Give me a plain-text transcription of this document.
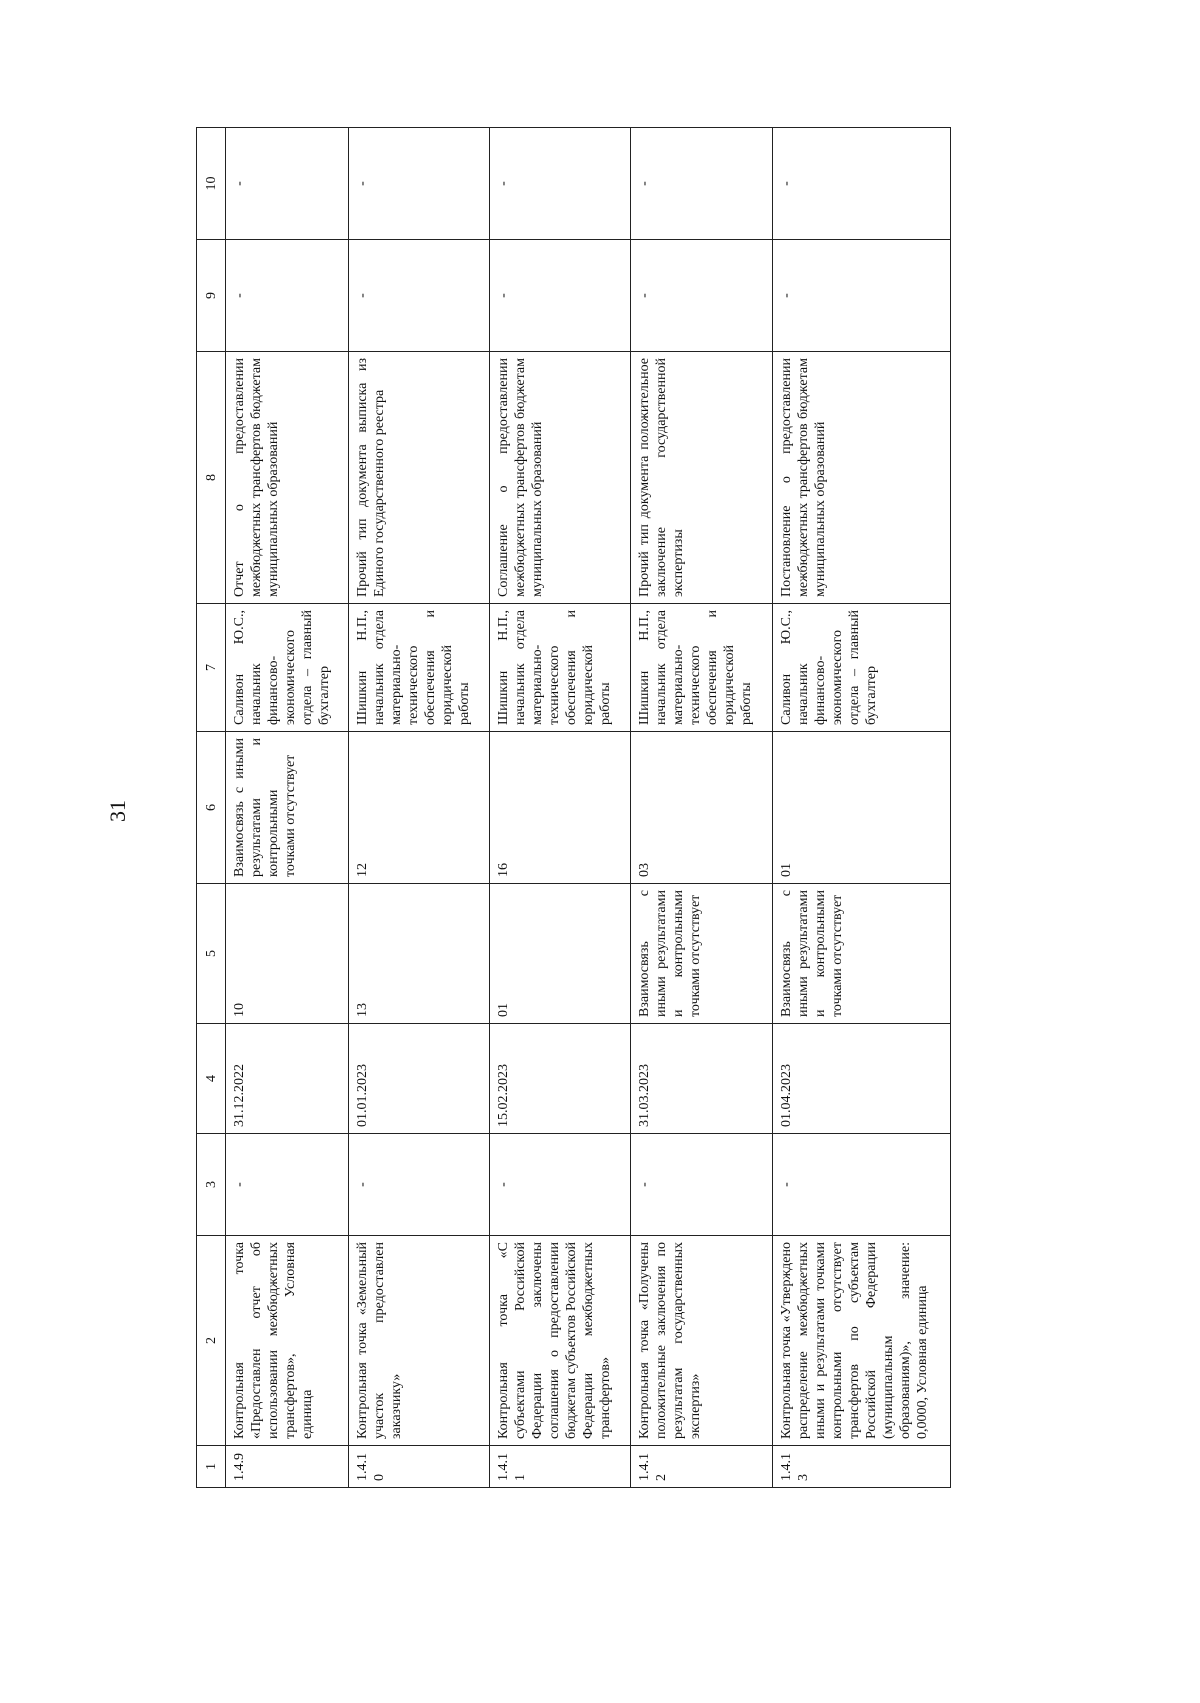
31
1	2	3	4	5	6	7	8	9	10
1.4.9	Контрольная точка «Предоставлен отчет об использовании межбюджетных трансфертов», Условная единица	-	31.12.2022	10	Взаимосвязь с иными результатами и контрольными точками отсутствует	Саливон Ю.С., начальник финансово-экономического отдела – главный бухгалтер	Отчет о предоставлении межбюджетных трансфертов бюджетам муниципальных образований	-	-
1.4.10	Контрольная точка «Земельный участок предоставлен заказчику»	-	01.01.2023	13	12	Шишкин Н.П., начальник отдела материально-технического обеспечения и юридической работы	Прочий тип документа выписка из Единого государственного реестра	-	-
1.4.11	Контрольная точка «С субъектами Российской Федерации заключены соглашения о предоставлении бюджетам субъектов Российской Федерации межбюджетных трансфертов»	-	15.02.2023	01	16	Шишкин Н.П., начальник отдела материально-технического обеспечения и юридической работы	Соглашение о предоставлении межбюджетных трансфертов бюджетам муниципальных образований	-	-
1.4.12	Контрольная точка «Получены положительные заключения по результатам государственных экспертиз»	-	31.03.2023	Взаимосвязь с иными результатами и контрольными точками отсутствует	03	Шишкин Н.П., начальник отдела материально-технического обеспечения и юридической работы	Прочий тип документа положительное заключение государственной экспертизы	-	-
1.4.13	Контрольная точка «Утверждено распределение межбюджетных иными и результатами точками контрольными отсутствует трансфертов по субъектам Российской Федерации (муниципальным образованиям)», значение: 0,0000, Условная единица	-	01.04.2023	Взаимосвязь с иными результатами и контрольными точками отсутствует	01	Саливон Ю.С., начальник финансово-экономического отдела – главный бухгалтер	Постановление о предоставлении межбюджетных трансфертов бюджетам муниципальных образований	-	-
